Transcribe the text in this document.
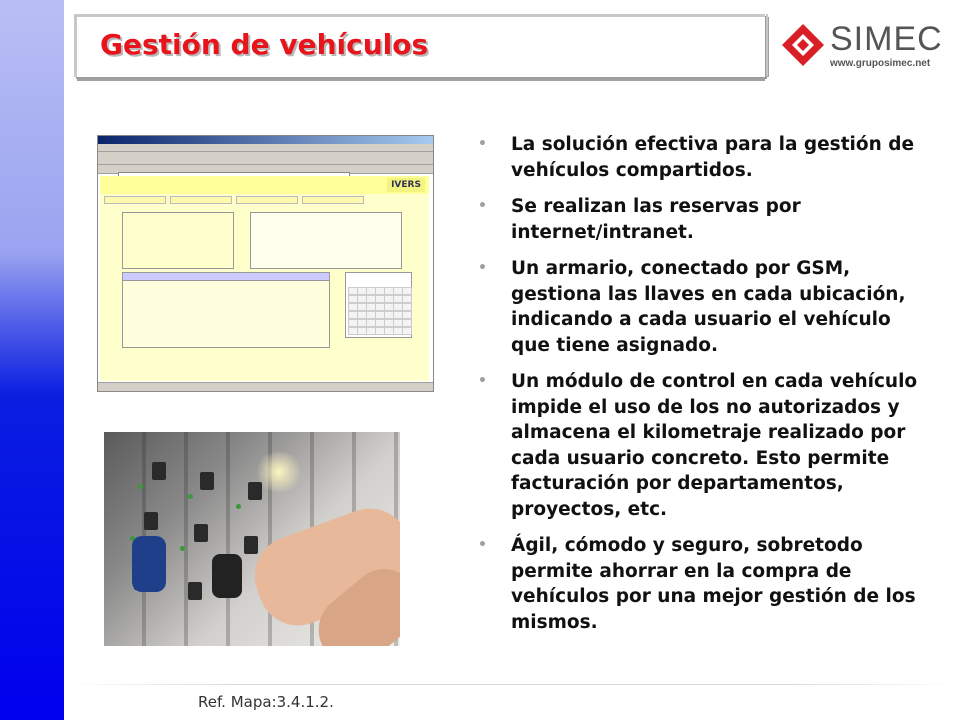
Gestión de vehículos	SIMEC
www.gruposimec.net
IVERS
• La solución efectiva para la gestión de vehículos compartidos.
• Se realizan las reservas por internet/intranet.
• Un armario, conectado por GSM, gestiona las llaves en cada ubicación, indicando a cada usuario el vehículo que tiene asignado.
• Un módulo de control en cada vehículo impide el uso de los no autorizados y almacena el kilometraje realizado por cada usuario concreto. Esto permite facturación por departamentos, proyectos, etc.
• Ágil, cómodo y seguro, sobretodo permite ahorrar en la compra de vehículos por una mejor gestión de los mismos.
Ref. Mapa:3.4.1.2.
